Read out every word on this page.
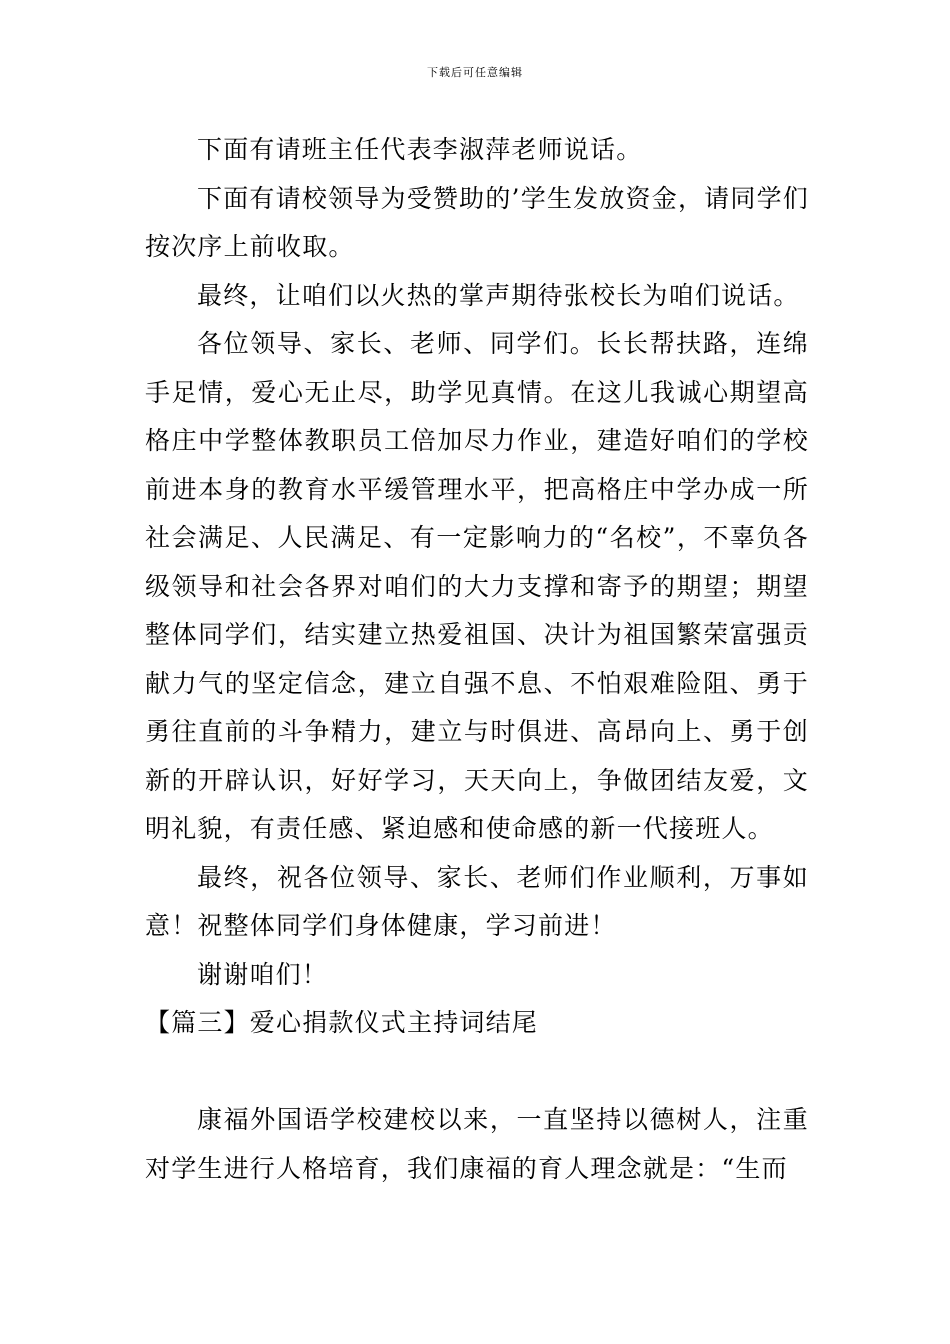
下载后可任意编辑

下面有请班主任代表李淑萍老师说话。

下面有请校领导为受赞助的’学生发放资金，请同学们按次序上前收取。

最终，让咱们以火热的掌声期待张校长为咱们说话。

各位领导、家长、老师、同学们。长长帮扶路，连绵手足情，爱心无止尽，助学见真情。在这儿我诚心期望高格庄中学整体教职员工倍加尽力作业，建造好咱们的学校前进本身的教育水平缓管理水平，把高格庄中学办成一所社会满足、人民满足、有一定影响力的“名校”，不辜负各级领导和社会各界对咱们的大力支撑和寄予的期望；期望整体同学们，结实建立热爱祖国、决计为祖国繁荣富强贡献力气的坚定信念，建立自强不息、不怕艰难险阻、勇于勇往直前的斗争精力，建立与时俱进、高昂向上、勇于创新的开辟认识，好好学习，天天向上，争做团结友爱，文明礼貌，有责任感、紧迫感和使命感的新一代接班人。

最终，祝各位领导、家长、老师们作业顺利，万事如意！祝整体同学们身体健康，学习前进！

谢谢咱们！

【篇三】爱心捐款仪式主持词结尾

康福外国语学校建校以来，一直坚持以德树人，注重对学生进行人格培育，我们康福的育人理念就是：“生而
